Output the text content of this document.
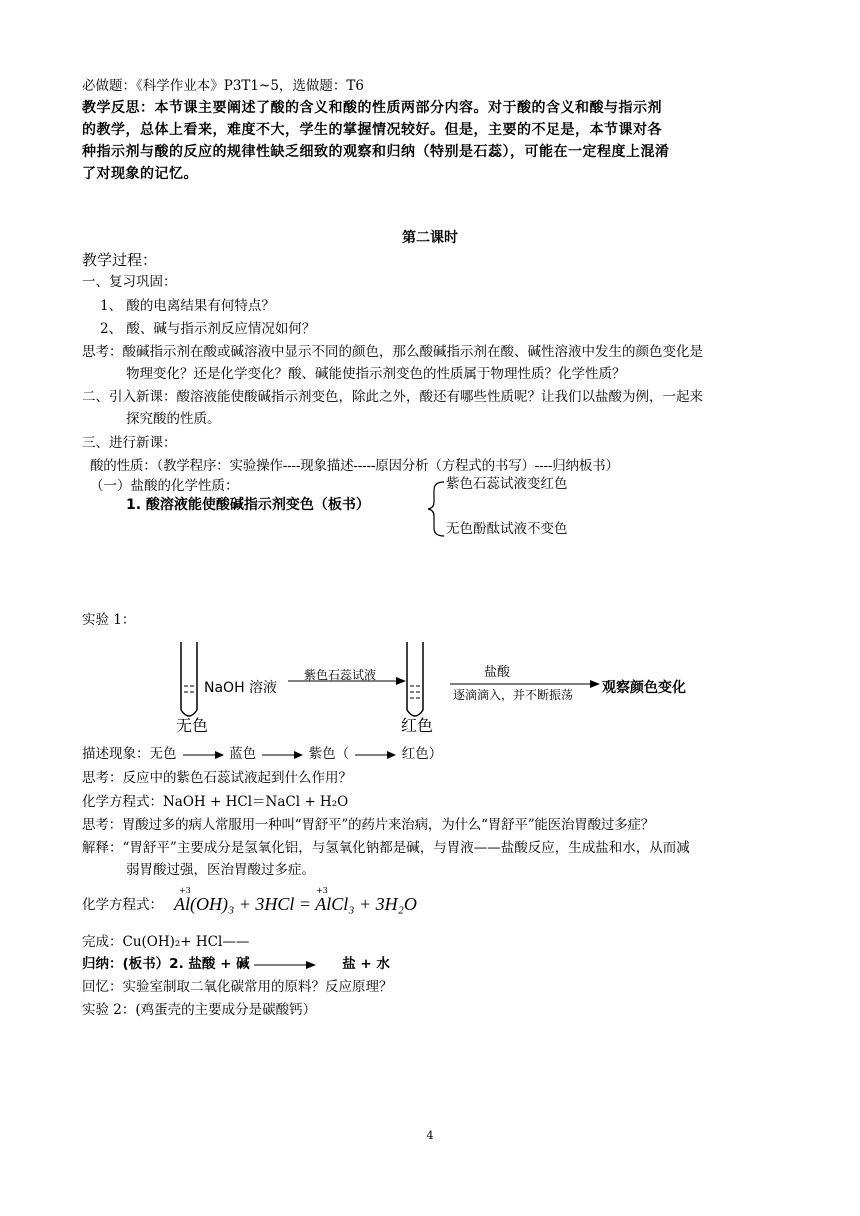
必做题：《科学作业本》P3T1~5，选做题：T6

教学反思：本节课主要阐述了酸的含义和酸的性质两部分内容。对于酸的含义和酸与指示剂

的教学，总体上看来，难度不大，学生的掌握情况较好。但是，主要的不足是，本节课对各

种指示剂与酸的反应的规律性缺乏细致的观察和归纳（特别是石蕊），可能在一定程度上混淆

了对现象的记忆。

第二课时
教学过程：
一、复习巩固：
1、 酸的电离结果有何特点？
2、 酸、碱与指示剂反应情况如何？
思考：酸碱指示剂在酸或碱溶液中显示不同的颜色，那么酸碱指示剂在酸、碱性溶液中发生的颜色变化是
物理变化？还是化学变化？酸、碱能使指示剂变色的性质属于物理性质？化学性质？
二、引入新课：酸溶液能使酸碱指示剂变色，除此之外，酸还有哪些性质呢？让我们以盐酸为例，一起来
探究酸的性质。
三、进行新课：
酸的性质：（教学程序：实验操作----现象描述-----原因分析（方程式的书写）----归纳板书）
（一）盐酸的化学性质：
1. 酸溶液能使酸碱指示剂变色（板书）
紫色石蕊试液变红色
无色酚酞试液不变色
实验 1：
NaOH 溶液
无色
紫色石蕊试液
红色
盐酸
逐滴滴入，并不断振荡 观察颜色变化
描述现象：无色	蓝色	紫色（	红色）
思考：反应中的紫色石蕊试液起到什么作用？
化学方程式：NaOH + HCl＝NaCl + H₂O
思考：胃酸过多的病人常服用一种叫“胃舒平”的药片来治病，为什么“胃舒平”能医治胃酸过多症？
解释：“胃舒平”主要成分是氢氧化铝，与氢氧化钠都是碱，与胃液——盐酸反应，生成盐和水，从而减
弱胃酸过强，医治胃酸过多症。
化学方程式： Al(OH)₃ + 3HCl = AlCl₃ + 3H₂O
+3	+3
完成：Cu(OH)₂+ HCl——
归纳：(板书）2. 盐酸 + 碱	盐 + 水
回忆：实验室制取二氧化碳常用的原料？反应原理？
实验 2：(鸡蛋壳的主要成分是碳酸钙）
4
